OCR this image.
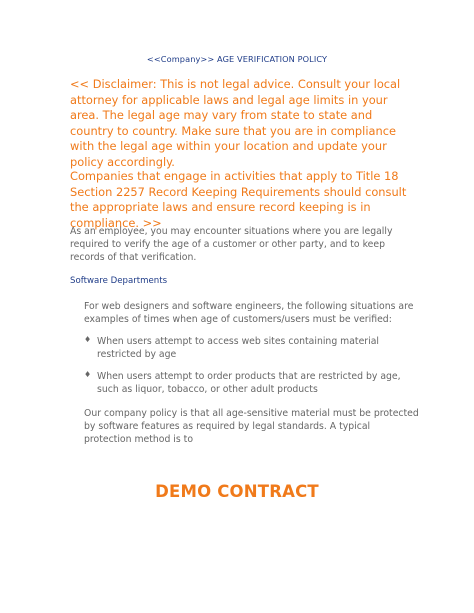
<<Company>> AGE VERIFICATION POLICY
<< Disclaimer: This is not legal advice. Consult your local attorney for applicable laws and legal age limits in your area. The legal age may vary from state to state and country to country. Make sure that you are in compliance with the legal age within your location and update your policy accordingly.
Companies that engage in activities that apply to Title 18 Section 2257 Record Keeping Requirements should consult the appropriate laws and ensure record keeping is in compliance. >>
As an employee, you may encounter situations where you are legally required to verify the age of a customer or other party, and to keep records of that verification.
Software Departments
For web designers and software engineers, the following situations are examples of times when age of customers/users must be verified:
♦ When users attempt to access web sites containing material restricted by age
♦ When users attempt to order products that are restricted by age, such as liquor, tobacco, or other adult products
Our company policy is that all age-sensitive material must be protected by software features as required by legal standards. A typical protection method is to
DEMO CONTRACT
